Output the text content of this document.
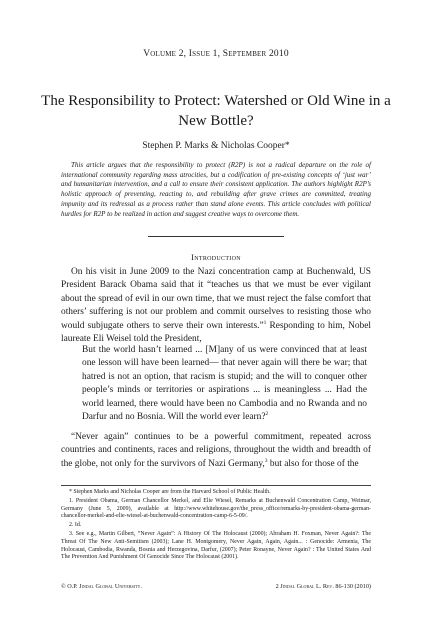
Volume 2, Issue 1, September 2010
The Responsibility to Protect: Watershed or Old Wine in a New Bottle?
Stephen P. Marks & Nicholas Cooper*

This article argues that the responsibility to protect (R2P) is not a radical departure on the role of international community regarding mass atrocities, but a codification of pre-existing concepts of ‘just war’ and humanitarian intervention, and a call to ensure their consistent application. The authors highlight R2P’s holistic approach of preventing, reacting to, and rebuilding after grave crimes are committed, treating impunity and its redressal as a process rather than stand alone events. This article concludes with political hurdles for R2P to be realized in action and suggest creative ways to overcome them.

Introduction

On his visit in June 2009 to the Nazi concentration camp at Buchenwald, US President Barack Obama said that it “teaches us that we must be ever vigilant about the spread of evil in our own time, that we must reject the false comfort that others’ suffering is not our problem and commit ourselves to resisting those who would subjugate others to serve their own interests.”$^1$ Responding to him, Nobel laureate Eli Weisel told the President,

But the world hasn’t learned ... [M]any of us were convinced that at least one lesson will have been learned— that never again will there be war; that hatred is not an option, that racism is stupid; and the will to conquer other people’s minds or territories or aspirations ... is meaningless ... Had the world learned, there would have been no Cambodia and no Rwanda and no Darfur and no Bosnia. Will the world ever learn?$^2$

“Never again” continues to be a powerful commitment, repeated across countries and continents, races and religions, throughout the width and breadth of the globe, not only for the survivors of Nazi Germany,$^3$ but also for those of the

* Stephen Marks and Nicholas Cooper are from the Harvard School of Public Health.

1. President Obama, German Chancellor Merkel, and Elie Wiesel, Remarks at Buchenwald Concentration Camp, Weimar, Germany (June 5, 2009), available at http://www.whitehouse.gov/the_press_office/remarks-by-president-obama-german-chancellor-merkel-and-elie-wiesel-at-buchenwald-concentration-camp-6-5-09/.

2. Id.

3. See e.g., Martin Gilbert, “Never Again”: A History Of The Holocaust (2000); Abraham H. Foxman, Never Again?: The Threat Of The New Anti-Semitism (2003); Lane H. Montgomery, Never Again, Again, Again... : Genocide: Armenia, The Holocaust, Cambodia, Rwanda, Bosnia and Herzegovina, Darfur, (2007); Peter Ronayne, Never Again? : The United States And The Prevention And Punishment Of Genocide Since The Holocaust (2001).

© O.P. Jindal Global University.	2 Jindal Global L. Rev. 86-130 (2010)
